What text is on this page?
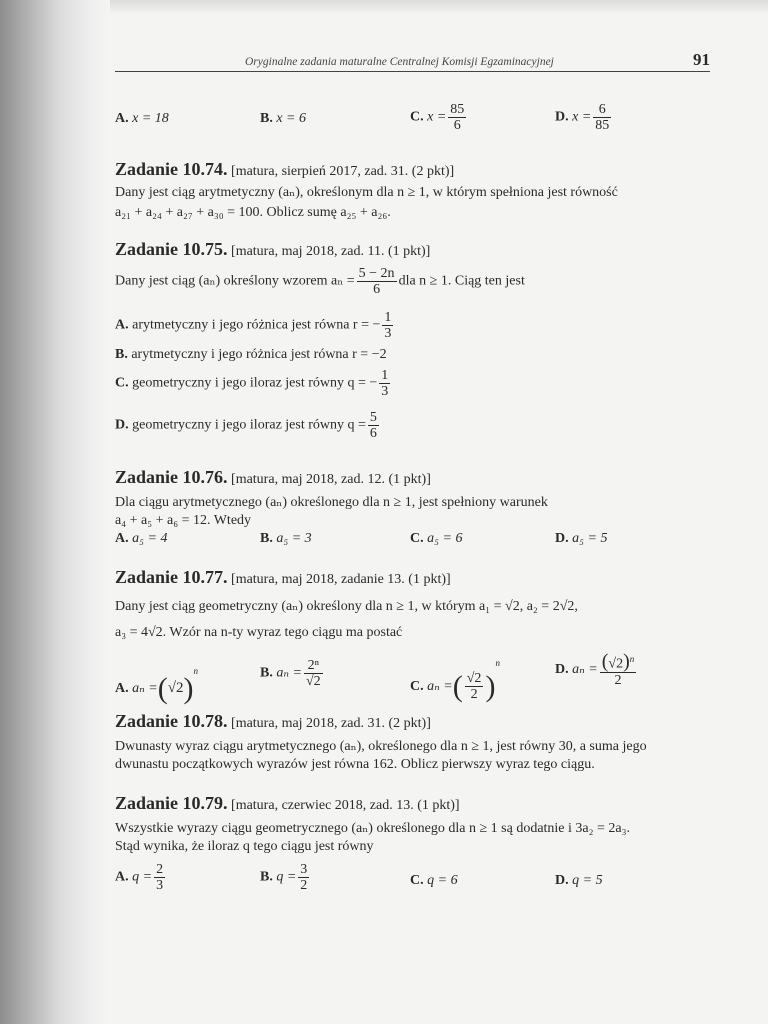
Oryginalne zadania maturalne Centralnej Komisji Egzaminacyjnej	91
A. x = 18	B. x = 6	C. $x = \frac{85}{6}$	D. $x = \frac{6}{85}$
Zadanie 10.74. [matura, sierpień 2017, zad. 31. (2 pkt)]
Dany jest ciąg arytmetyczny (aₙ), określonym dla n ≥ 1, w którym spełniona jest równość
a₂₁ + a₂₄ + a₂₇ + a₃₀ = 100. Oblicz sumę a₂₅ + a₂₆.
Zadanie 10.75. [matura, maj 2018, zad. 11. (1 pkt)]
Dany jest ciąg (aₙ) określony wzorem $a_n = \frac{5 - 2n}{6}$ dla n ≥ 1. Ciąg ten jest
A. arytmetyczny i jego różnica jest równa r = − $\frac{1}{3}$
B. arytmetyczny i jego różnica jest równa r = −2
C. geometryczny i jego iloraz jest równy q = − $\frac{1}{3}$
D. geometryczny i jego iloraz jest równy $q = \frac{5}{6}$
Zadanie 10.76. [matura, maj 2018, zad. 12. (1 pkt)]
Dla ciągu arytmetycznego (aₙ) określonego dla n ≥ 1, jest spełniony warunek
a₄ + a₅ + a₆ = 12. Wtedy
A. a₅ = 4	B. a₅ = 3	C. a₅ = 6	D. a₅ = 5
Zadanie 10.77. [matura, maj 2018, zadanie 13. (1 pkt)]
Dany jest ciąg geometryczny (aₙ) określony dla n ≥ 1, w którym a₁ = √2, a₂ = 2√2,
a₃ = 4√2. Wzór na n-ty wyraz tego ciągu ma postać
A. $a_n =(√2)^n$	B. $a_n = \frac{\text{2ⁿ}}{√2}$	C. aₙ =( $\frac{√2}{2} )^n$	D. $a_n = \frac{(√2)^n}{2}$
Zadanie 10.78. [matura, maj 2018, zad. 31. (2 pkt)]
Dwunasty wyraz ciągu arytmetycznego (aₙ), określonego dla n ≥ 1, jest równy 30, a suma jego
dwunastu początkowych wyrazów jest równa 162. Oblicz pierwszy wyraz tego ciągu.
Zadanie 10.79. [matura, czerwiec 2018, zad. 13. (1 pkt)]
Wszystkie wyrazy ciągu geometrycznego (aₙ) określonego dla n ≥ 1 są dodatnie i 3a₂ = 2a₃.
Stąd wynika, że iloraz q tego ciągu jest równy
A. $q = \frac{2}{3}$	B. $q = \frac{3}{2}$	C. q = 6	D. q = 5
